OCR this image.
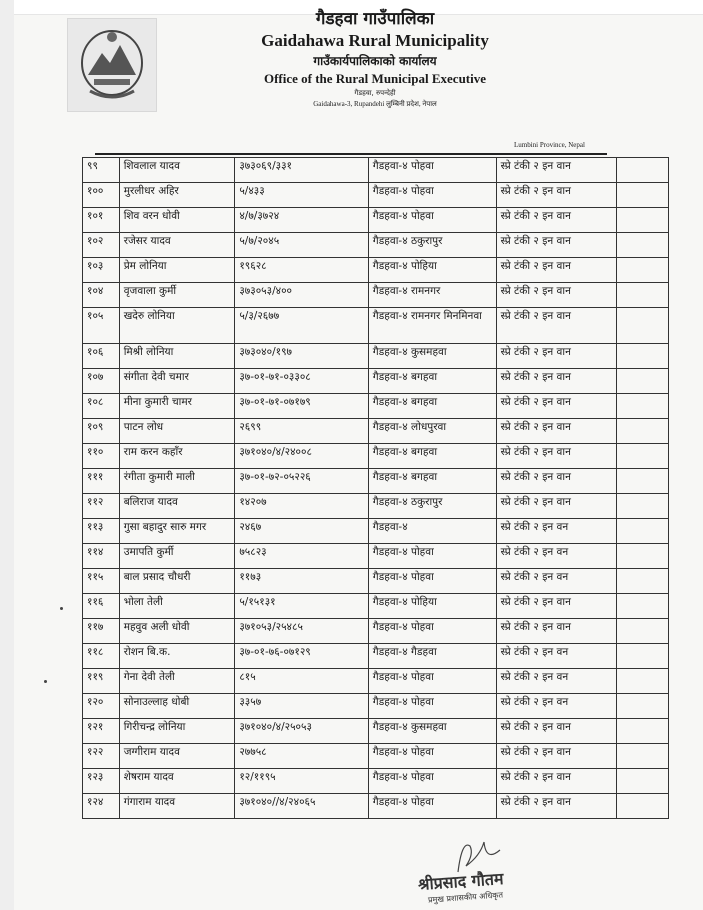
गैडहवा गाउँपालिका
Gaidahawa Rural Municipality
गाउँकार्यपालिकाको कार्यालय
Office of the Rural Municipal Executive
गैडहवा, रुपन्देही
Gaidahawa-3, Rupandehi लुम्बिनी प्रदेश, नेपाल
Lumbini Province, Nepal
९९	शिवलाल यादव	३७३०६९/३३१	गैडहवा-४ पोहवा	स्प्रे टंकी २ इन वान	
१००	मुरलीधर अहिर	५/४३३	गैडहवा-४ पोहवा	स्प्रे टंकी २ इन वान	
१०१	शिव वरन धोवी	४/७/३७२४	गैडहवा-४ पोहवा	स्प्रे टंकी २ इन वान	
१०२	रजेसर यादव	५/७/२०४५	गैडहवा-४ ठकुरापुर	स्प्रे टंकी २ इन वान	
१०३	प्रेम लोनिया	१९६२८	गैडहवा-४ पोहिया	स्प्रे टंकी २ इन वान	
१०४	वृजवाला कुर्मी	३७३०५३/४००	गैडहवा-४ रामनगर	स्प्रे टंकी २ इन वान	
१०५	खदेरु लोनिया	५/३/२६७७	गैडहवा-४ रामनगर मिनमिनवा	स्प्रे टंकी २ इन वान	
१०६	मिश्री लोनिया	३७३०४०/१९७	गैडहवा-४ कुसमहवा	स्प्रे टंकी २ इन वान	
१०७	संगीता देवी चमार	३७-०१-७१-०३३०८	गैडहवा-४ बगहवा	स्प्रे टंकी २ इन वान	
१०८	मीना कुमारी चामर	३७-०१-७१-०७१७९	गैडहवा-४ बगहवा	स्प्रे टंकी २ इन वान	
१०९	पाटन लोध	२६९९	गैडहवा-४ लोधपुरवा	स्प्रे टंकी २ इन वान	
११०	राम करन कहाँर	३७१०४०/४/२४००८	गैडहवा-४ बगहवा	स्प्रे टंकी २ इन वान	
१११	रंगीता कुमारी माली	३७-०१-७२-०५२२६	गैडहवा-४ बगहवा	स्प्रे टंकी २ इन वान	
११२	बलिराज यादव	१४२०७	गैडहवा-४ ठकुरापुर	स्प्रे टंकी २ इन वान	
११३	गुसा बहादुर सारु मगर	२४६७	गैडहवा-४	स्प्रे टंकी २ इन वन	
११४	उमापति कुर्मी	७५८२३	गैडहवा-४ पोहवा	स्प्रे टंकी २ इन वन	
११५	बाल प्रसाद चौधरी	११७३	गैडहवा-४ पोहवा	स्प्रे टंकी २ इन वन	
११६	भोला तेली	५/१५१३१	गैडहवा-४ पोहिया	स्प्रे टंकी २ इन वान	
११७	महवुव अली धोवी	३७१०५३/२५४८५	गैडहवा-४ पोहवा	स्प्रे टंकी २ इन वान	
११८	रोशन बि.क.	३७-०१-७६-०७१२९	गैडहवा-४ गैडहवा	स्प्रे टंकी २ इन वन	
११९	गेना देवी तेली	८१५	गैडहवा-४ पोहवा	स्प्रे टंकी २ इन वन	
१२०	सोनाउल्लाह धोबी	३३५७	गैडहवा-४ पोहवा	स्प्रे टंकी २ इन वन	
१२१	गिरीचन्द्र लोनिया	३७१०४०/४/२५०५३	गैडहवा-४ कुसमहवा	स्प्रे टंकी २ इन वान	
१२२	जग्गीराम यादव	२७७५८	गैडहवा-४ पोहवा	स्प्रे टंकी २ इन वान	
१२३	शेषराम यादव	१२/११९५	गैडहवा-४ पोहवा	स्प्रे टंकी २ इन वान	
१२४	गंगाराम यादव	३७१०४०//४/२४०६५	गैडहवा-४ पोहवा	स्प्रे टंकी २ इन वान	
श्रीप्रसाद गौतम
प्रमुख प्रशासकीय अधिकृत
